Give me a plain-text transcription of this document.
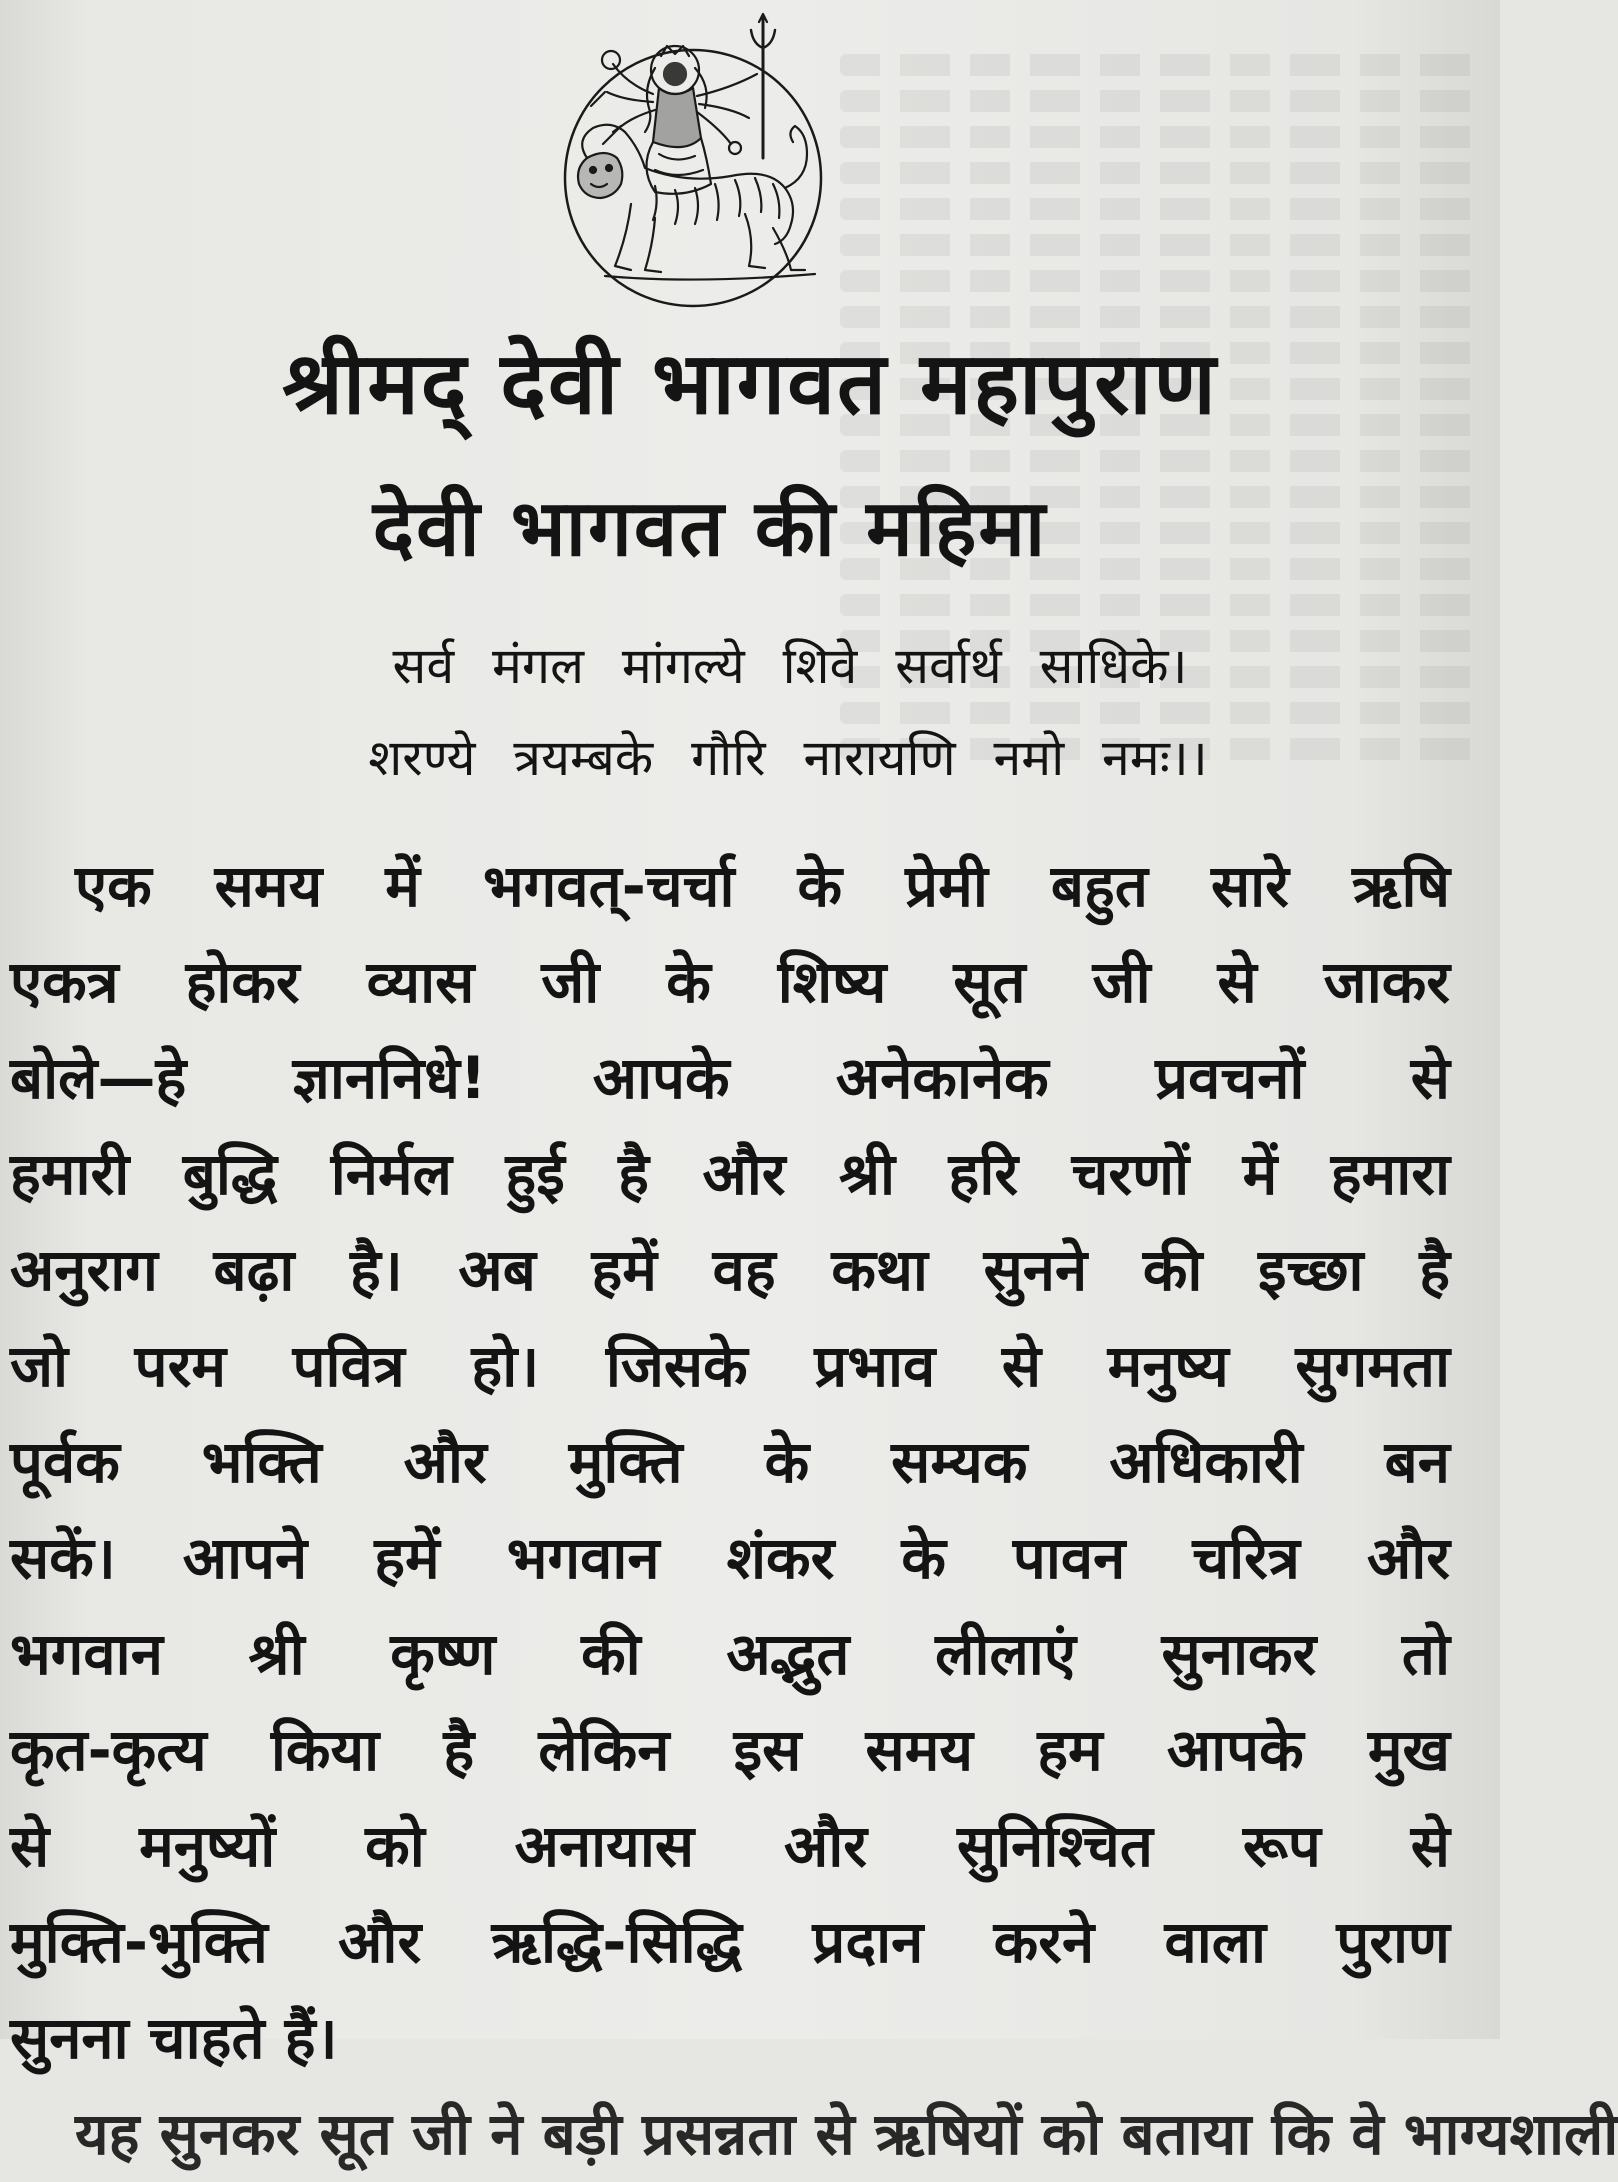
श्रीमद् देवी भागवत महापुराण
देवी भागवत की महिमा

सर्व मंगल मांगल्ये शिवे सर्वार्थ साधिके।

शरण्ये त्रयम्बके गौरि नारायणि नमो नमः।।

एक समय में भगवत्-चर्चा के प्रेमी बहुत सारे ऋषि
एकत्र होकर व्यास जी के शिष्य सूत जी से जाकर
बोले—हे ज्ञाननिधे! आपके अनेकानेक प्रवचनों से
हमारी बुद्धि निर्मल हुई है और श्री हरि चरणों में हमारा
अनुराग बढ़ा है। अब हमें वह कथा सुनने की इच्छा है
जो परम पवित्र हो। जिसके प्रभाव से मनुष्य सुगमता
पूर्वक भक्ति और मुक्ति के सम्यक अधिकारी बन
सकें। आपने हमें भगवान शंकर के पावन चरित्र और
भगवान श्री कृष्ण की अद्भुत लीलाएं सुनाकर तो
कृत-कृत्य किया है लेकिन इस समय हम आपके मुख
से मनुष्यों को अनायास और सुनिश्चित रूप से
मुक्ति-भुक्ति और ऋद्धि-सिद्धि प्रदान करने वाला पुराण
सुनना चाहते हैं।
यह सुनकर सूत जी ने बड़ी प्रसन्नता से ऋषियों को बताया कि वे भाग्यशाली
